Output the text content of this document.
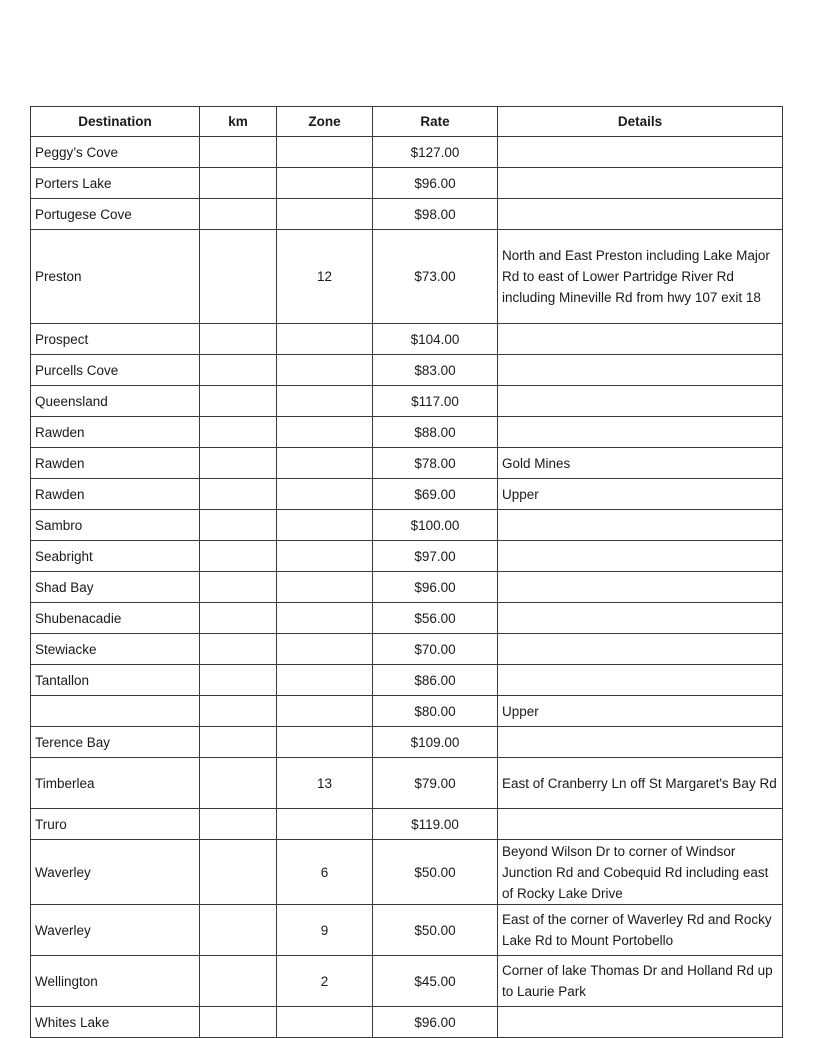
Destination	km	Zone	Rate	Details
Peggy’s Cove			$127.00	
Porters Lake			$96.00	
Portugese Cove			$98.00	
Preston		12	$73.00	North and East Preston including Lake Major Rd to east of Lower Partridge River Rd including Mineville Rd from hwy 107 exit 18
Prospect			$104.00	
Purcells Cove			$83.00	
Queensland			$117.00	
Rawden			$88.00	
Rawden			$78.00	Gold Mines
Rawden			$69.00	Upper
Sambro			$100.00	
Seabright			$97.00	
Shad Bay			$96.00	
Shubenacadie			$56.00	
Stewiacke			$70.00	
Tantallon			$86.00	
			$80.00	Upper
Terence Bay			$109.00	
Timberlea		13	$79.00	East of Cranberry Ln off St Margaret's Bay Rd
Truro			$119.00	
Waverley		6	$50.00	Beyond Wilson Dr to corner of Windsor Junction Rd and Cobequid Rd including east of Rocky Lake Drive
Waverley		9	$50.00	East of the corner of Waverley Rd and Rocky Lake Rd to Mount Portobello
Wellington		2	$45.00	Corner of lake Thomas Dr and Holland Rd up to Laurie Park
Whites Lake			$96.00	
